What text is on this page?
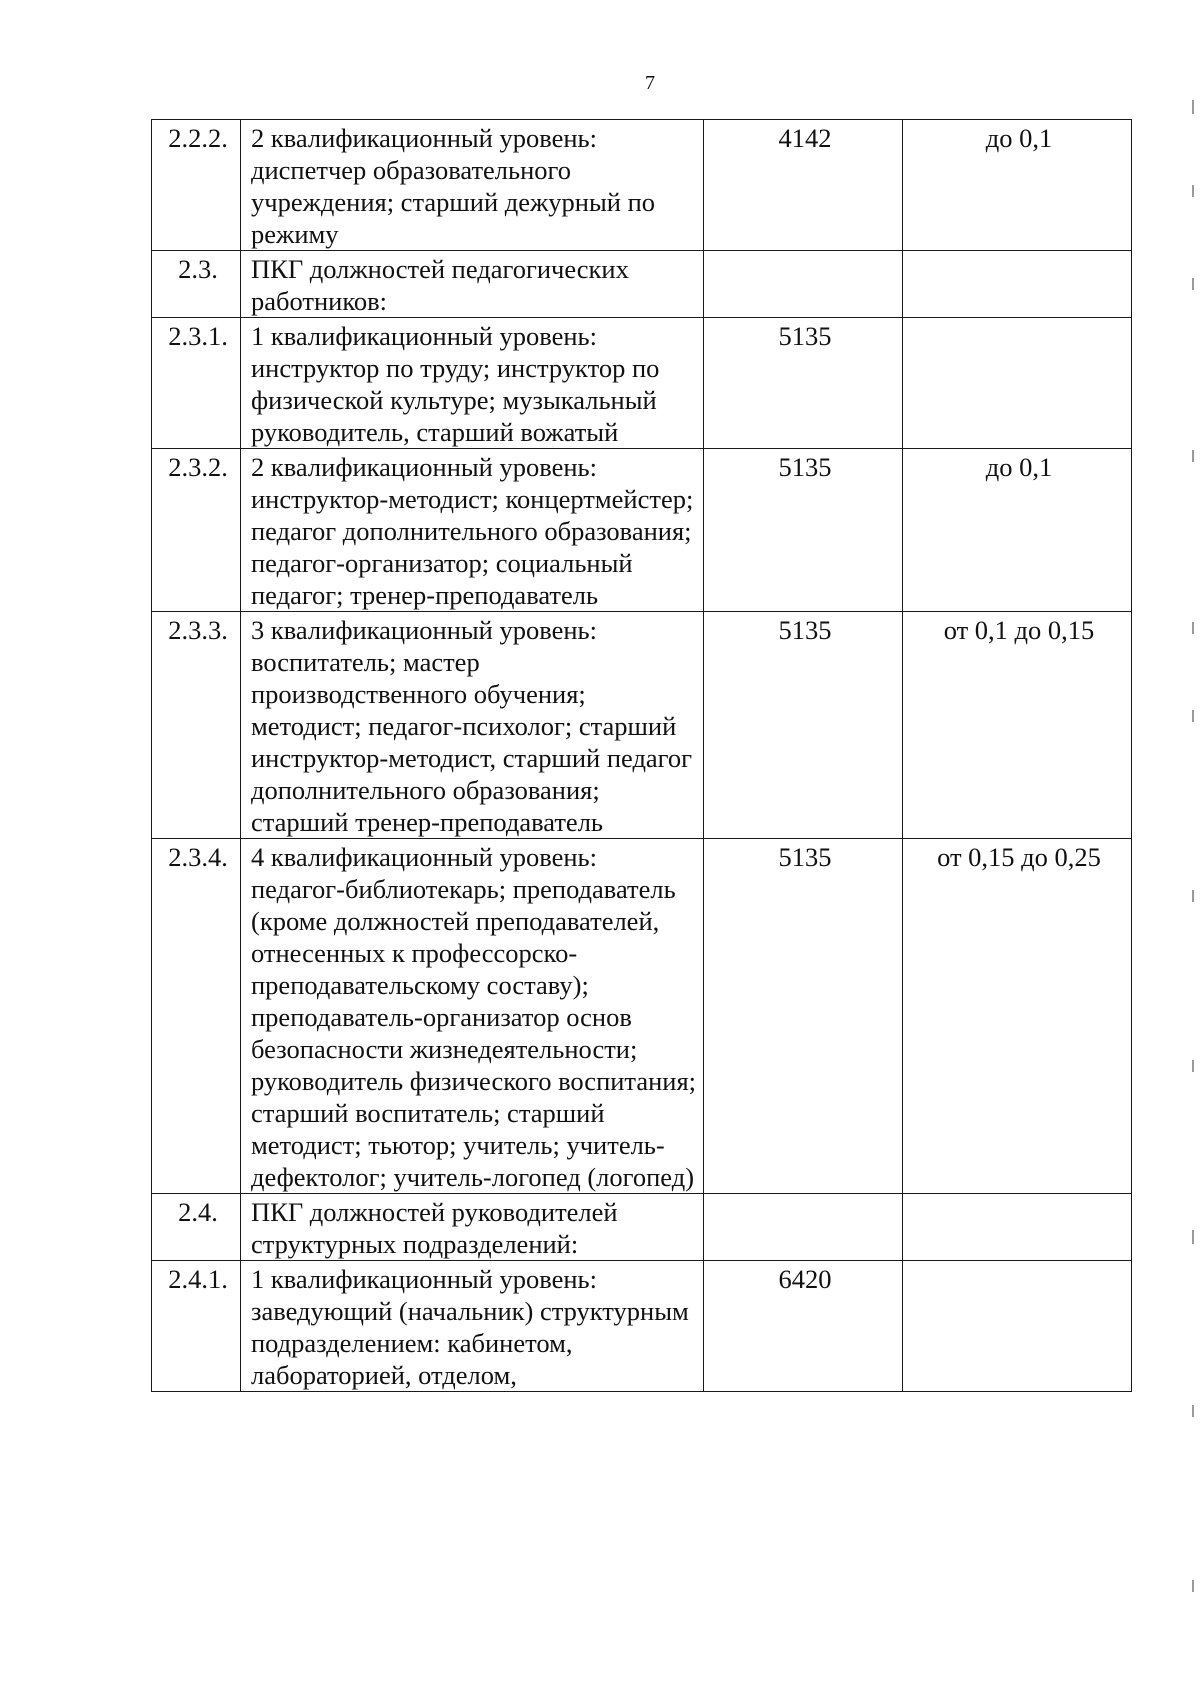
7
2.2.2.	2 квалификационный уровень: диспетчер образовательного учреждения; старший дежурный по режиму	4142	до 0,1
2.3.	ПКГ должностей педагогических работников:		
2.3.1.	1 квалификационный уровень: инструктор по труду; инструктор по физической культуре; музыкальный руководитель, старший вожатый	5135	
2.3.2.	2 квалификационный уровень: инструктор-методист; концертмейстер; педагог дополнительного образования; педагог-организатор; социальный педагог; тренер-преподаватель	5135	до 0,1
2.3.3.	3 квалификационный уровень: воспитатель; мастер производственного обучения; методист; педагог-психолог; старший инструктор-методист, старший педагог дополнительного образования; старший тренер-преподаватель	5135	от 0,1 до 0,15
2.3.4.	4 квалификационный уровень: педагог-библиотекарь; преподаватель (кроме должностей преподавателей, отнесенных к профессорско-преподавательскому составу); преподаватель-организатор основ безопасности жизнедеятельности; руководитель физического воспитания; старший воспитатель; старший методист; тьютор; учитель; учитель-дефектолог; учитель-логопед (логопед)	5135	от 0,15 до 0,25
2.4.	ПКГ должностей руководителей структурных подразделений:		
2.4.1.	1 квалификационный уровень: заведующий (начальник) структурным подразделением: кабинетом, лабораторией, отделом,	6420	
